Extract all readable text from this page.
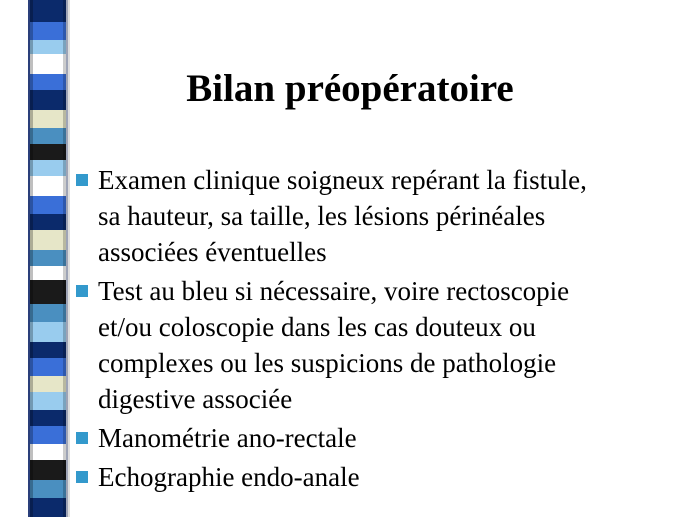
Bilan préopératoire
Examen clinique soigneux repérant la fistule,
sa hauteur, sa taille, les lésions périnéales
associées éventuelles
Test au bleu si nécessaire, voire rectoscopie
et/ou coloscopie dans les cas douteux ou
complexes ou les suspicions de pathologie
digestive associée
Manométrie ano-rectale
Echographie endo-anale
